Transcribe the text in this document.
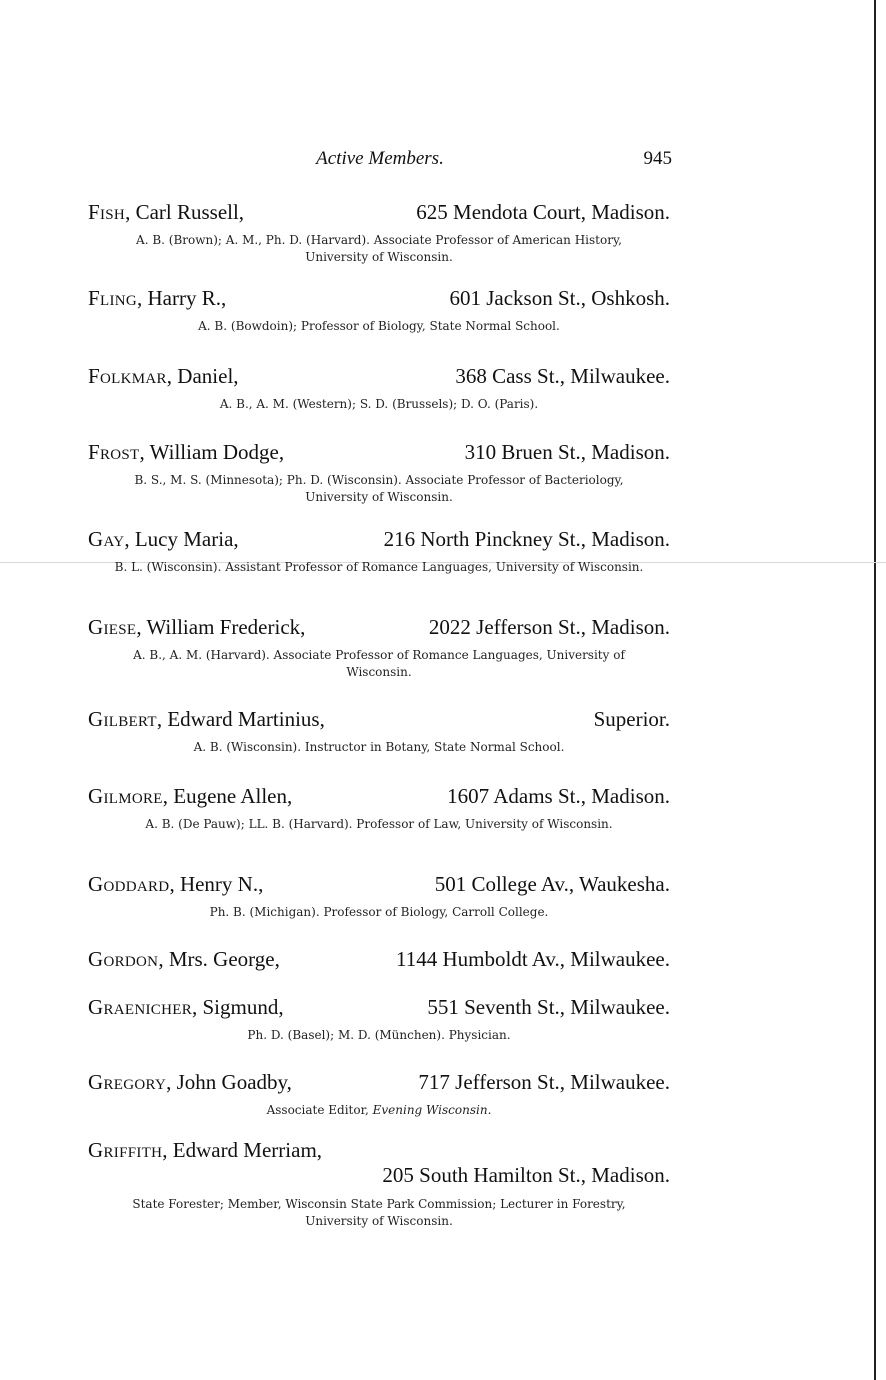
Active Members.	945
Fish, Carl Russell,	625 Mendota Court, Madison.
A. B. (Brown); A. M., Ph. D. (Harvard). Associate Professor of American History, University of Wisconsin.
Fling, Harry R.,	601 Jackson St., Oshkosh.
A. B. (Bowdoin); Professor of Biology, State Normal School.
Folkmar, Daniel,	368 Cass St., Milwaukee.
A. B., A. M. (Western); S. D. (Brussels); D. O. (Paris).
Frost, William Dodge,	310 Bruen St., Madison.
B. S., M. S. (Minnesota); Ph. D. (Wisconsin). Associate Professor of Bacteriology, University of Wisconsin.
Gay, Lucy Maria,	216 North Pinckney St., Madison.
B. L. (Wisconsin). Assistant Professor of Romance Languages, University of Wisconsin.
Giese, William Frederick,	2022 Jefferson St., Madison.
A. B., A. M. (Harvard). Associate Professor of Romance Languages, University of Wisconsin.
Gilbert, Edward Martinius,	Superior.
A. B. (Wisconsin). Instructor in Botany, State Normal School.
Gilmore, Eugene Allen,	1607 Adams St., Madison.
A. B. (De Pauw); LL. B. (Harvard). Professor of Law, University of Wisconsin.
Goddard, Henry N.,	501 College Av., Waukesha.
Ph. B. (Michigan). Professor of Biology, Carroll College.
Gordon, Mrs. George,	1144 Humboldt Av., Milwaukee.
Graenicher, Sigmund,	551 Seventh St., Milwaukee.
Ph. D. (Basel); M. D. (München). Physician.
Gregory, John Goadby,	717 Jefferson St., Milwaukee.
Associate Editor, Evening Wisconsin.
Griffith, Edward Merriam,
205 South Hamilton St., Madison.
State Forester; Member, Wisconsin State Park Commission; Lecturer in Forestry, University of Wisconsin.
